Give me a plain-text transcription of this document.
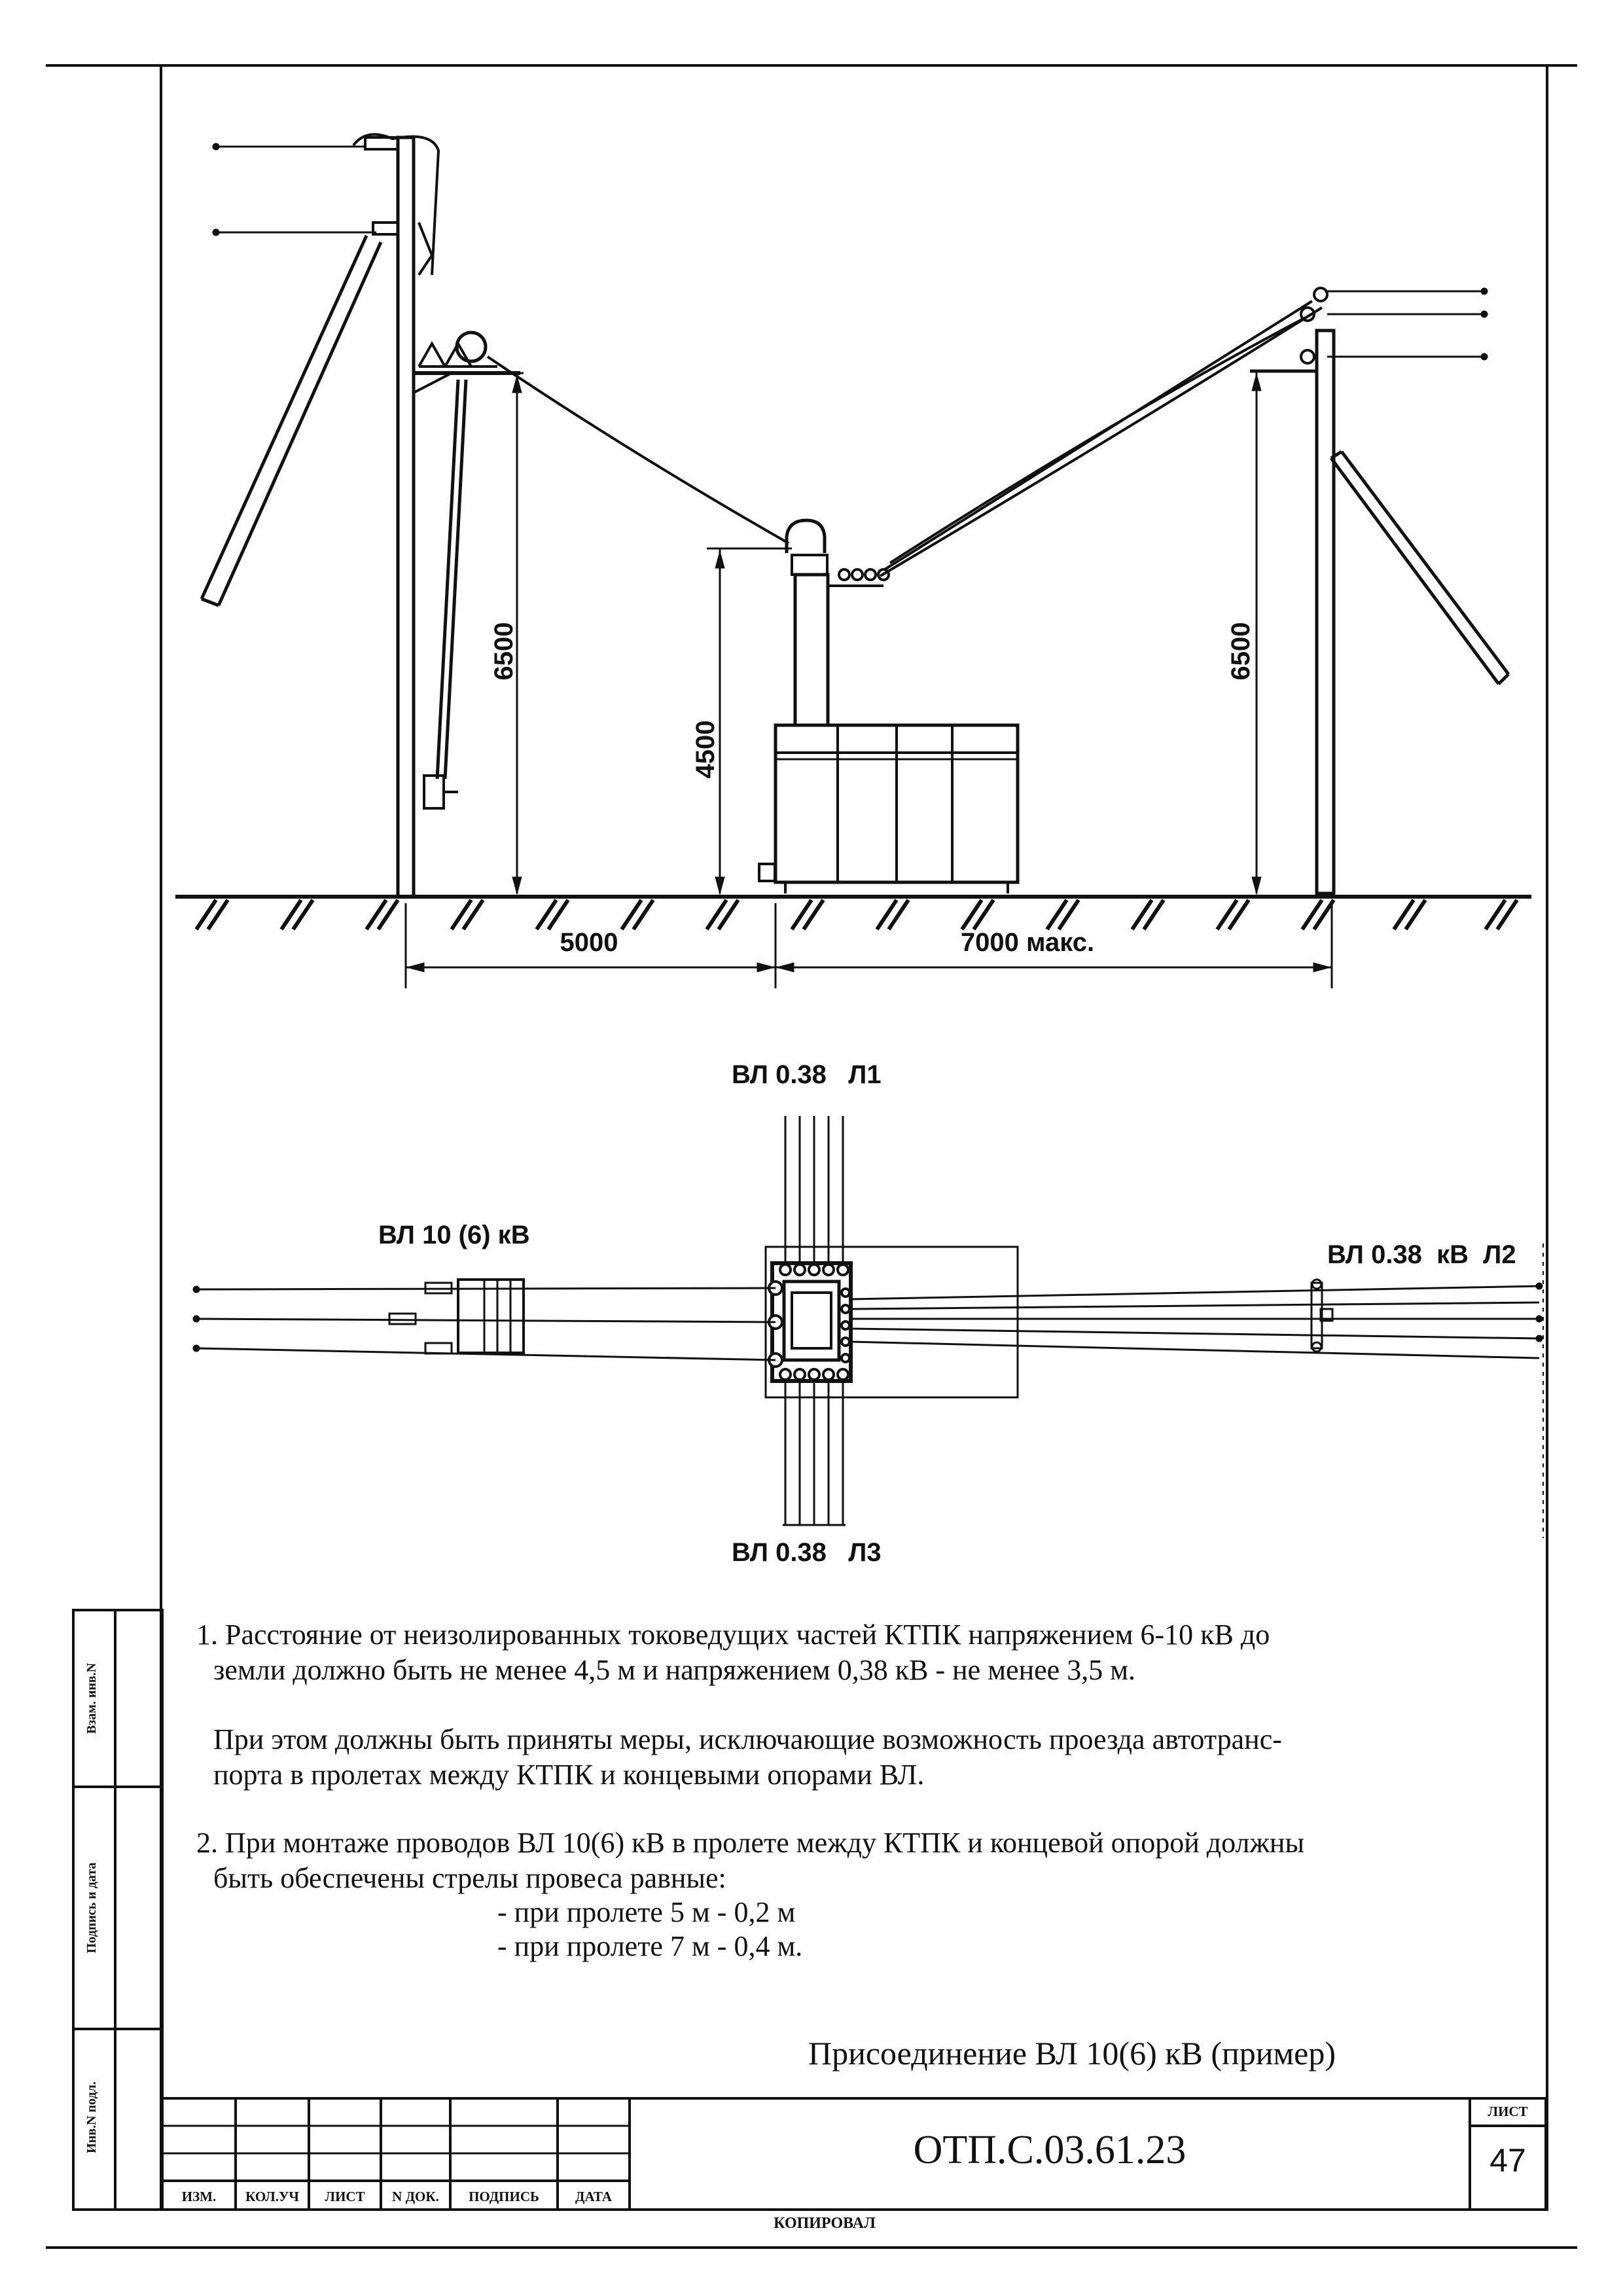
6500
4500
6500
5000	7000 макс.
ВЛ 0.38   Л1
ВЛ 10 (6) кВ
ВЛ 0.38  кВ  Л2
ВЛ 0.38   Л3
1. Расстояние от неизолированных токоведущих частей КТПК напряжением 6-10 кВ до
земли должно быть не менее 4,5 м и напряжением 0,38 кВ - не менее 3,5 м.
При этом должны быть приняты меры, исключающие возможность проезда автотранс-
порта в пролетах между КТПК и концевыми опорами ВЛ.
2. При монтаже проводов ВЛ 10(6) кВ в пролете между КТПК и концевой опорой должны
быть обеспечены стрелы провеса равные:
- при пролете 5 м - 0,2 м
- при пролете 7 м - 0,4 м.
Присоединение ВЛ 10(6) кВ (пример)
ОТП.С.03.61.23
ЛИСТ
47
ИЗМ.	КОЛ.УЧ	ЛИСТ	N ДОК.	ПОДПИСЬ	ДАТА
Взам. инв.N
Подпись и дата
Инв.N подл.
КОПИРОВАЛ
